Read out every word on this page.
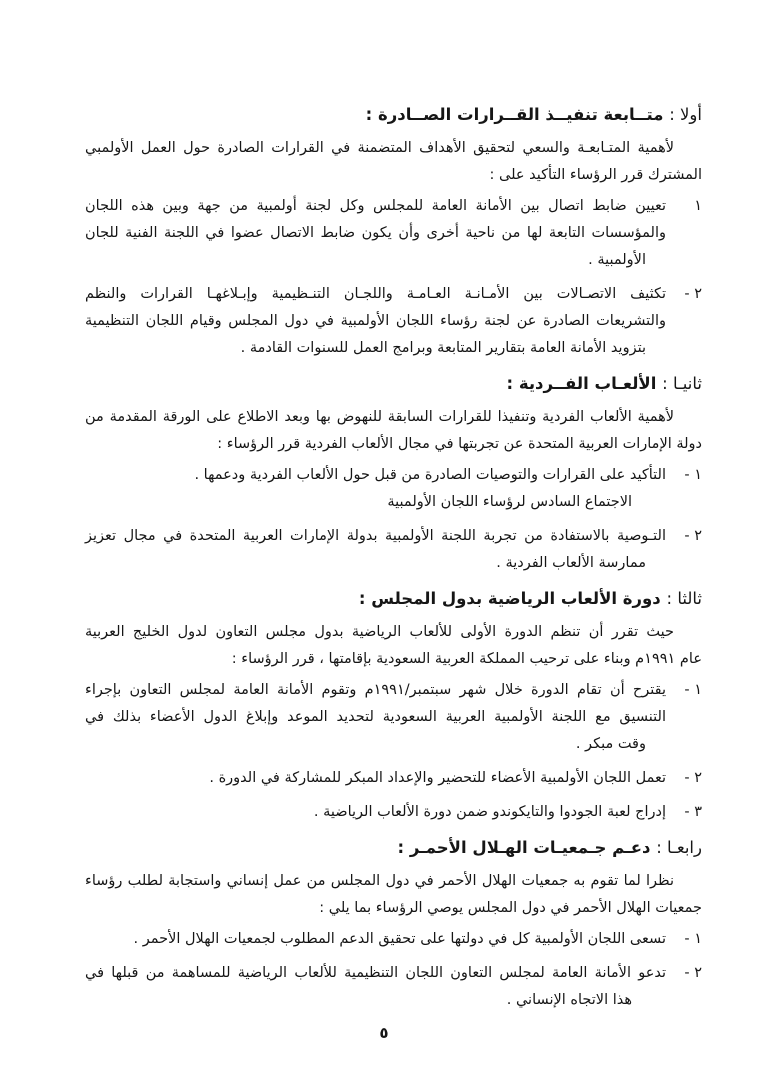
أولا : متــابعة تنفيــذ القــرارات الصــادرة :
لأهمية المتـابعـة والسعي لتحقيق الأهداف المتضمنة في القرارات الصادرة حول العمل الأولمبي
المشترك قرر الرؤساء التأكيد على :
١
تعيين ضابط اتصال بين الأمانة العامة للمجلس وكل لجنة أولمبية من جهة وبين هذه اللجان
والمؤسسات التابعة لها من ناحية أخرى وأن يكون ضابط الاتصال عضوا في اللجنة الفنية للجان
الأولمبية .
٢ -
تكثيف الاتصـالات بين الأمـانـة العـامـة واللجـان التنـظيمية وإبـلاغهـا القرارات والنظم
والتشريعات الصادرة عن لجنة رؤساء اللجان الأولمبية في دول المجلس وقيام اللجان التنظيمية
بتزويد الأمانة العامة بتقارير المتابعة وبرامج العمل للسنوات القادمة .
ثانيـا : الألعـاب الفــردية :
لأهمية الألعاب الفردية وتنفيذا للقرارات السابقة للنهوض بها وبعد الاطلاع على الورقة المقدمة من
دولة الإمارات العربية المتحدة عن تجربتها في مجال الألعاب الفردية قرر الرؤساء :
١ -
التأكيد على القرارات والتوصيات الصادرة من قبل حول الألعاب الفردية ودعمها .
الاجتماع السادس لرؤساء اللجان الأولمبية
٢ -
التـوصية بالاستفادة من تجربة اللجنة الأولمبية بدولة الإمارات العربية المتحدة في مجال تعزيز
ممارسة الألعاب الفردية .
ثالثا : دورة الألعاب الرياضية بدول المجلس :
حيث تقرر أن تنظم الدورة الأولى للألعاب الرياضية بدول مجلس التعاون لدول الخليج العربية
عام ١٩٩١م وبناء على ترحيب المملكة العربية السعودية بإقامتها ، قرر الرؤساء :
١ -
يقترح أن تقام الدورة خلال شهر سبتمبر/١٩٩١م وتقوم الأمانة العامة لمجلس التعاون بإجراء
التنسيق مع اللجنة الأولمبية العربية السعودية لتحديد الموعد وإبلاغ الدول الأعضاء بذلك في
وقت مبكر .
٢ -
تعمل اللجان الأولمبية الأعضاء للتحضير والإعداد المبكر للمشاركة في الدورة .
٣ -
إدراج لعبة الجودوا والتايكوندو ضمن دورة الألعاب الرياضية .
رابعـا : دعـم جـمعيـات الهـلال الأحمـر :
نظرا لما تقوم به جمعيات الهلال الأحمر في دول المجلس من عمل إنساني واستجابة لطلب رؤساء
جمعيات الهلال الأحمر في دول المجلس يوصي الرؤساء بما يلي :
١ -
تسعى اللجان الأولمبية كل في دولتها على تحقيق الدعم المطلوب لجمعيات الهلال الأحمر .
٢ -
تدعو الأمانة العامة لمجلس التعاون اللجان التنظيمية للألعاب الرياضية للمساهمة من قبلها في
هذا الاتجاه الإنساني .
٥
